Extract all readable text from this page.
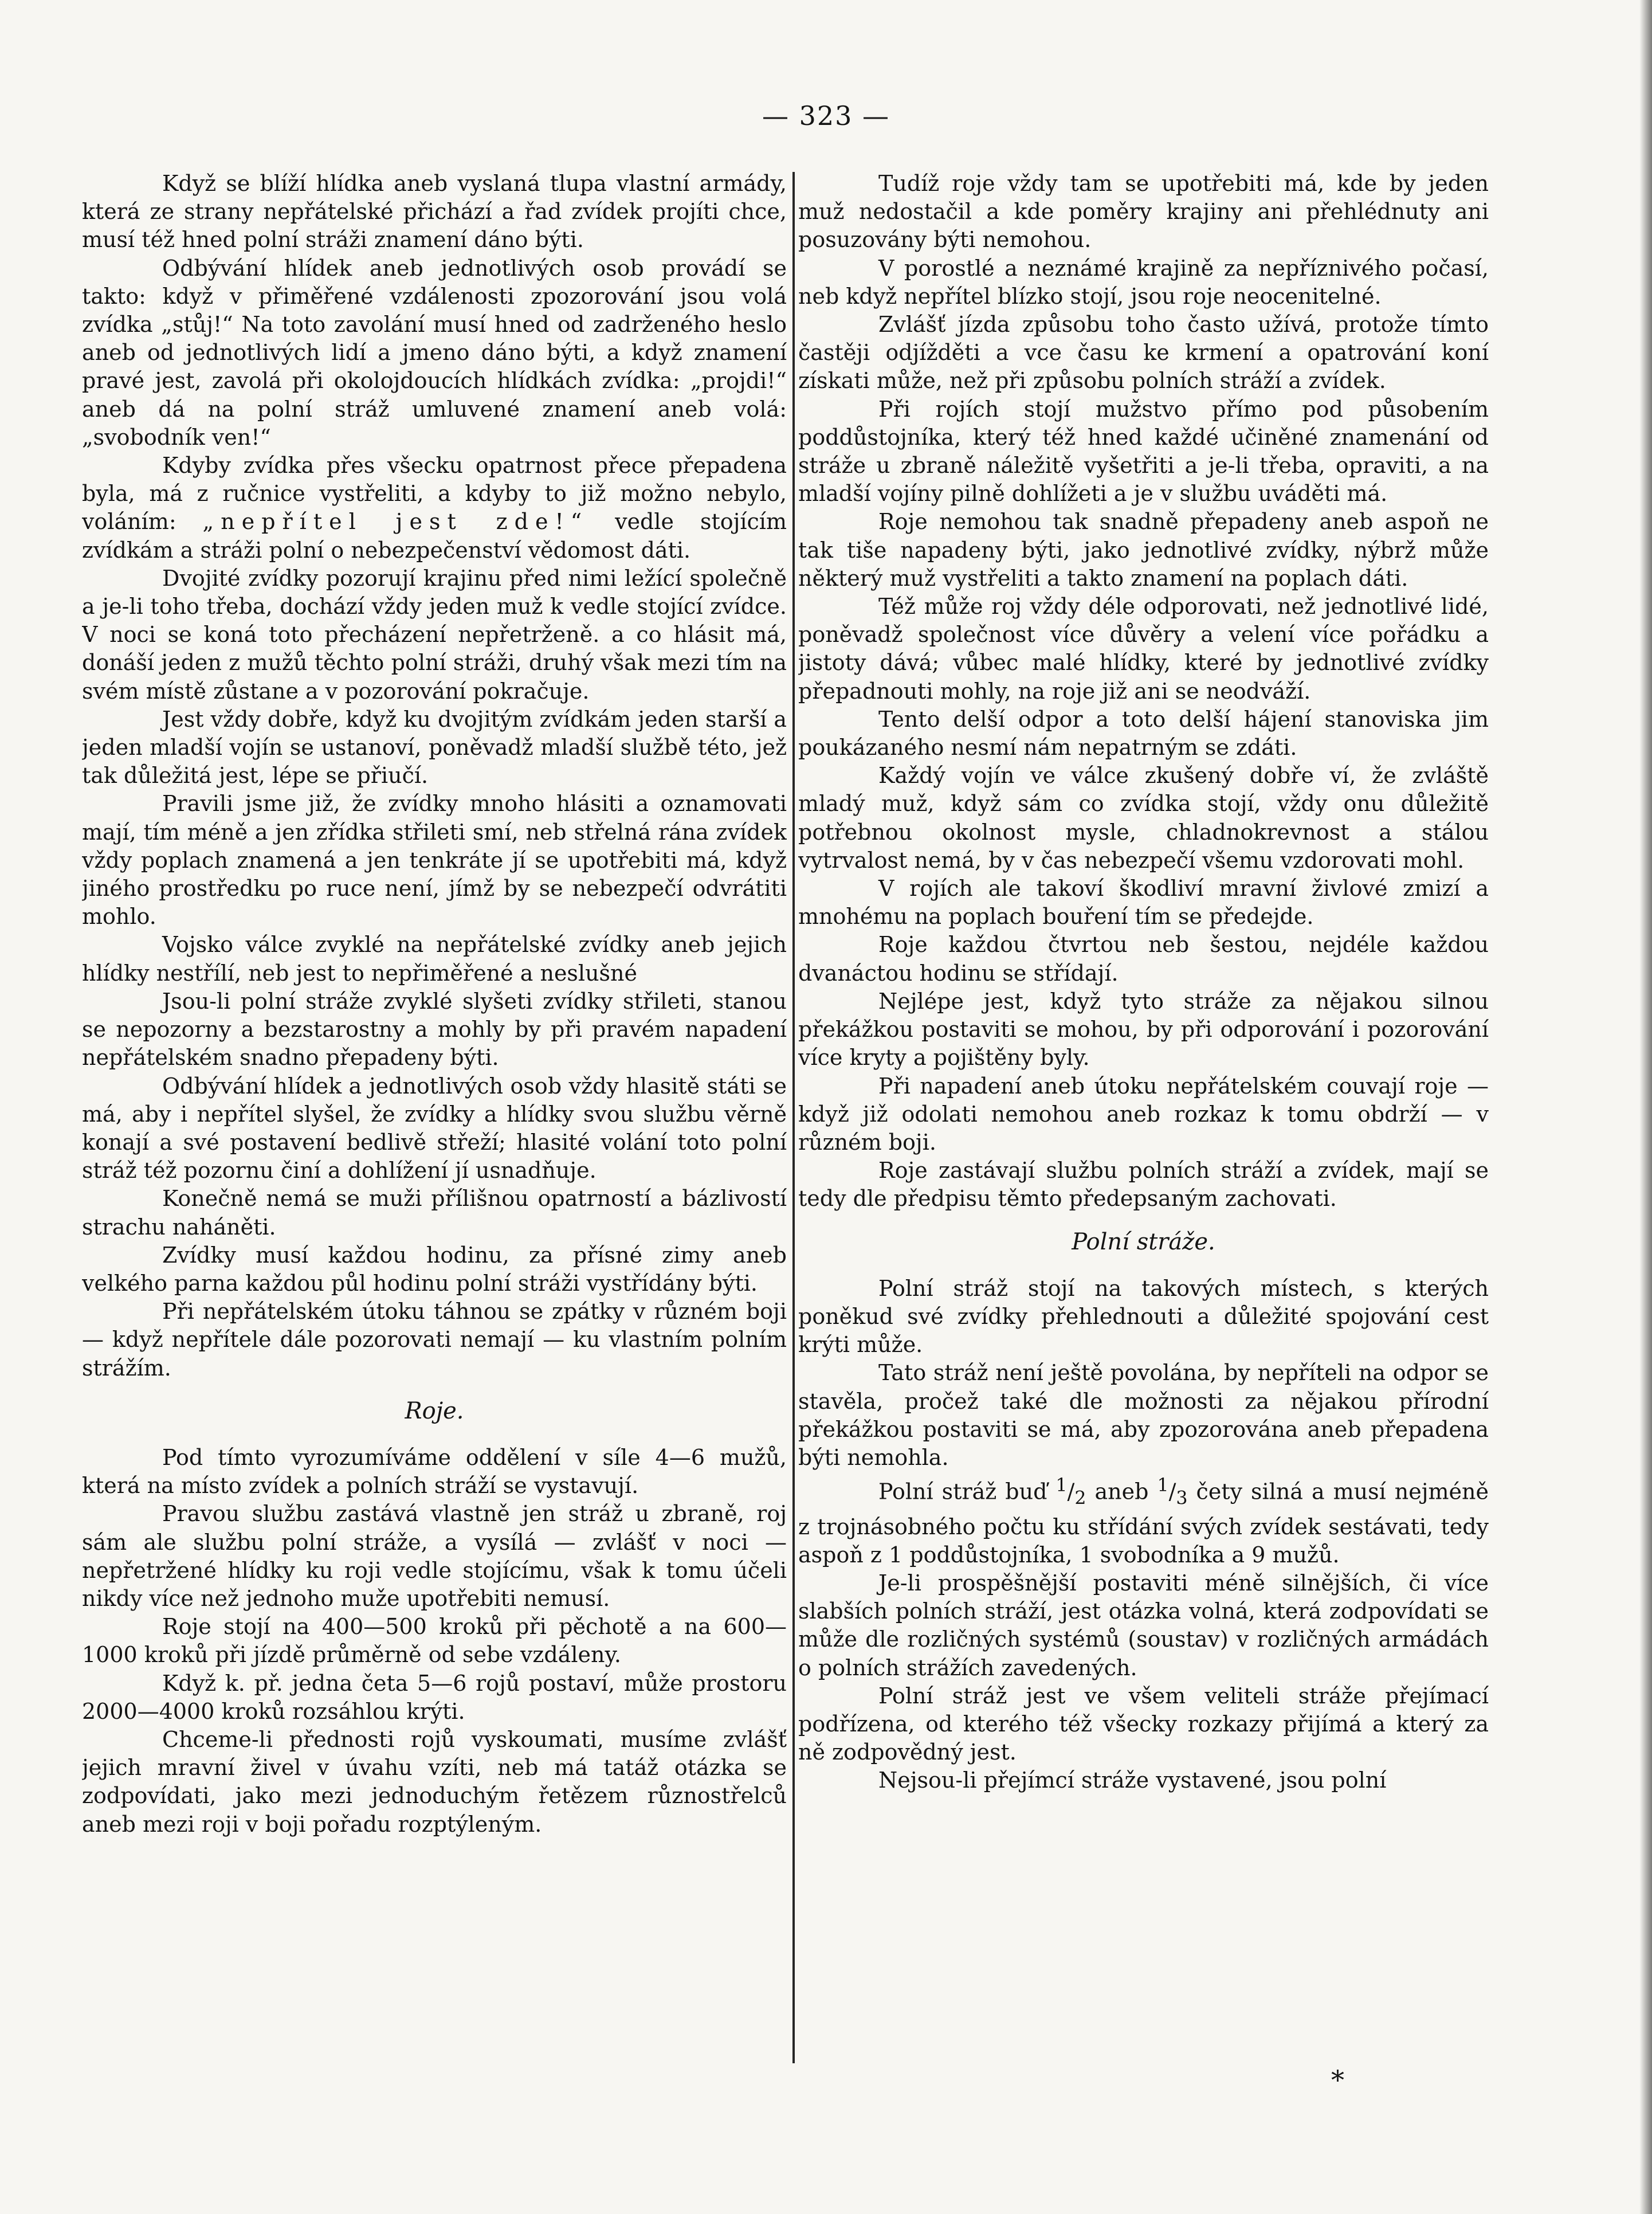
— 323 —

Když se blíží hlídka aneb vyslaná tlupa vlastní armády, která ze strany nepřátelské přichází a řad zvídek projíti chce, musí též hned polní stráži znamení dáno býti.

Odbývání hlídek aneb jednotlivých osob provádí se takto: když v přiměřené vzdálenosti zpozorování jsou volá zvídka „stůj!“ Na toto zavolání musí hned od zadrženého heslo aneb od jednotlivých lidí a jmeno dáno býti, a když znamení pravé jest, zavolá při okolojdoucích hlídkách zvídka: „projdi!“ aneb dá na polní stráž umluvené znamení aneb volá: „svobodník ven!“

Kdyby zvídka přes všecku opatrnost přece přepadena byla, má z ručnice vystřeliti, a kdyby to již možno nebylo, voláním: „nepřítel jest zde!“ vedle stojícím zvídkám a stráži polní o nebezpečenství vědomost dáti.

Dvojité zvídky pozorují krajinu před nimi ležící společně a je-li toho třeba, dochází vždy jeden muž k vedle stojící zvídce. V noci se koná toto přecházení nepřetrženě. a co hlásit má, donáší jeden z mužů těchto polní stráži, druhý však mezi tím na svém místě zůstane a v pozorování pokračuje.

Jest vždy dobře, když ku dvojitým zvídkám jeden starší a jeden mladší vojín se ustanoví, poněvadž mladší službě této, jež tak důležitá jest, lépe se přiučí.

Pravili jsme již, že zvídky mnoho hlásiti a oznamovati mají, tím méně a jen zřídka střileti smí, neb střelná rána zvídek vždy poplach znamená a jen tenkráte jí se upotřebiti má, když jiného prostředku po ruce není, jímž by se nebezpečí odvrátiti mohlo.

Vojsko válce zvyklé na nepřátelské zvídky aneb jejich hlídky nestřílí, neb jest to nepřiměřené a neslušné

Jsou-li polní stráže zvyklé slyšeti zvídky střileti, stanou se nepozorny a bezstarostny a mohly by při pravém napadení nepřátelském snadno přepadeny býti.

Odbývání hlídek a jednotlivých osob vždy hlasitě státi se má, aby i nepřítel slyšel, že zvídky a hlídky svou službu věrně konají a své postavení bedlivě střeží; hlasité volání toto polní stráž též pozornu činí a dohlížení jí usnadňuje.

Konečně nemá se muži přílišnou opatrností a bázlivostí strachu naháněti.

Zvídky musí každou hodinu, za přísné zimy aneb velkého parna každou půl hodinu polní stráži vystřídány býti.

Při nepřátelském útoku táhnou se zpátky v různém boji — když nepřítele dále pozorovati nemají — ku vlastním polním strážím.

Roje.

Pod tímto vyrozumíváme oddělení v síle 4—6 mužů, která na místo zvídek a polních stráží se vystavují.

Pravou službu zastává vlastně jen stráž u zbraně, roj sám ale službu polní stráže, a vysílá — zvlášť v noci — nepřetržené hlídky ku roji vedle stojícímu, však k tomu účeli nikdy více než jednoho muže upotřebiti nemusí.

Roje stojí na 400—500 kroků při pěchotě a na 600—1000 kroků při jízdě průměrně od sebe vzdáleny.

Když k. př. jedna četa 5—6 rojů postaví, může prostoru 2000—4000 kroků rozsáhlou krýti.

Chceme-li přednosti rojů vyskoumati, musíme zvlášť jejich mravní živel v úvahu vzíti, neb má tatáž otázka se zodpovídati, jako mezi jednoduchým řetězem různostřelců aneb mezi roji v boji pořadu rozptýleným.

Tudíž roje vždy tam se upotřebiti má, kde by jeden muž nedostačil a kde poměry krajiny ani přehlédnuty ani posuzovány býti nemohou.

V porostlé a neznámé krajině za nepříznivého počasí, neb když nepřítel blízko stojí, jsou roje neocenitelné.

Zvlášť jízda způsobu toho často užívá, protože tímto častěji odjížděti a vce času ke krmení a opatrování koní získati může, než při způsobu polních stráží a zvídek.

Při rojích stojí mužstvo přímo pod působením poddůstojníka, který též hned každé učiněné znamenání od stráže u zbraně náležitě vyšetřiti a je-li třeba, opraviti, a na mladší vojíny pilně dohlížeti a je v službu uváděti má.

Roje nemohou tak snadně přepadeny aneb aspoň ne tak tiše napadeny býti, jako jednotlivé zvídky, nýbrž může některý muž vystřeliti a takto znamení na poplach dáti.

Též může roj vždy déle odporovati, než jednotlivé lidé, poněvadž společnost více důvěry a velení více pořádku a jistoty dává; vůbec malé hlídky, které by jednotlivé zvídky přepadnouti mohly, na roje již ani se neodváží.

Tento delší odpor a toto delší hájení stanoviska jim poukázaného nesmí nám nepatrným se zdáti.

Každý vojín ve válce zkušený dobře ví, že zvláště mladý muž, když sám co zvídka stojí, vždy onu důležitě potřebnou okolnost mysle, chladnokrevnost a stálou vytrvalost nemá, by v čas nebezpečí všemu vzdorovati mohl.

V rojích ale takoví škodliví mravní živlové zmizí a mnohému na poplach bouření tím se předejde.

Roje každou čtvrtou neb šestou, nejdéle každou dvanáctou hodinu se střídají.

Nejlépe jest, když tyto stráže za nějakou silnou překážkou postaviti se mohou, by při odporování i pozorování více kryty a pojištěny byly.

Při napadení aneb útoku nepřátelském couvají roje — když již odolati nemohou aneb rozkaz k tomu obdrží — v různém boji.

Roje zastávají službu polních stráží a zvídek, mají se tedy dle předpisu těmto předepsaným zachovati.

Polní stráže.

Polní stráž stojí na takových místech, s kterých poněkud své zvídky přehlednouti a důležité spojování cest krýti může.

Tato stráž není ještě povolána, by nepříteli na odpor se stavěla, pročež také dle možnosti za nějakou přírodní překážkou postaviti se má, aby zpozorována aneb přepadena býti nemohla.

Polní stráž buď $^1/_2$ aneb $^1/_3$ čety silná a musí nejméně z trojnásobného počtu ku střídání svých zvídek sestávati, tedy aspoň z 1 poddůstojníka, 1 svobodníka a 9 mužů.

Je-li prospěšnější postaviti méně silnějších, či více slabších polních stráží, jest otázka volná, která zodpovídati se může dle rozličných systémů (soustav) v rozličných armádách o polních strážích zavedených.

Polní stráž jest ve všem veliteli stráže přejímací podřízena, od kterého též všecky rozkazy přijímá a který za ně zodpovědný jest.

Nejsou-li přejímcí stráže vystavené, jsou polní

*
